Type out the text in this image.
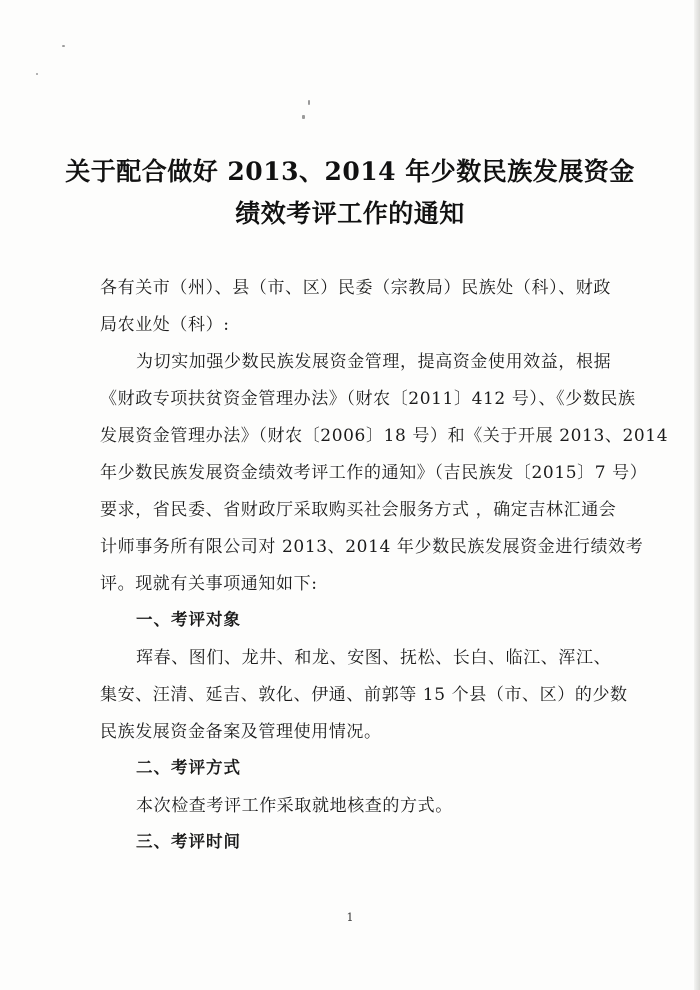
关于配合做好 2013、2014 年少数民族发展资金
绩效考评工作的通知
各有关市（州）、县（市、区）民委（宗教局）民族处（科）、财政
局农业处（科）:
为切实加强少数民族发展资金管理，提高资金使用效益，根据
《财政专项扶贫资金管理办法》（财农〔2011〕412 号）、《少数民族
发展资金管理办法》（财农〔2006〕18 号）和《关于开展 2013、2014
年少数民族发展资金绩效考评工作的通知》（吉民族发〔2015〕7 号）
要求，省民委、省财政厅采取购买社会服务方式 ，确定吉林汇通会
计师事务所有限公司对 2013、2014 年少数民族发展资金进行绩效考
评。现就有关事项通知如下:
一、考评对象
珲春、图们、龙井、和龙、安图、抚松、长白、临江、浑江、
集安、汪清、延吉、敦化、伊通、前郭等 15 个县（市、区）的少数
民族发展资金备案及管理使用情况。
二、考评方式
本次检查考评工作采取就地核查的方式。
三、考评时间
1
